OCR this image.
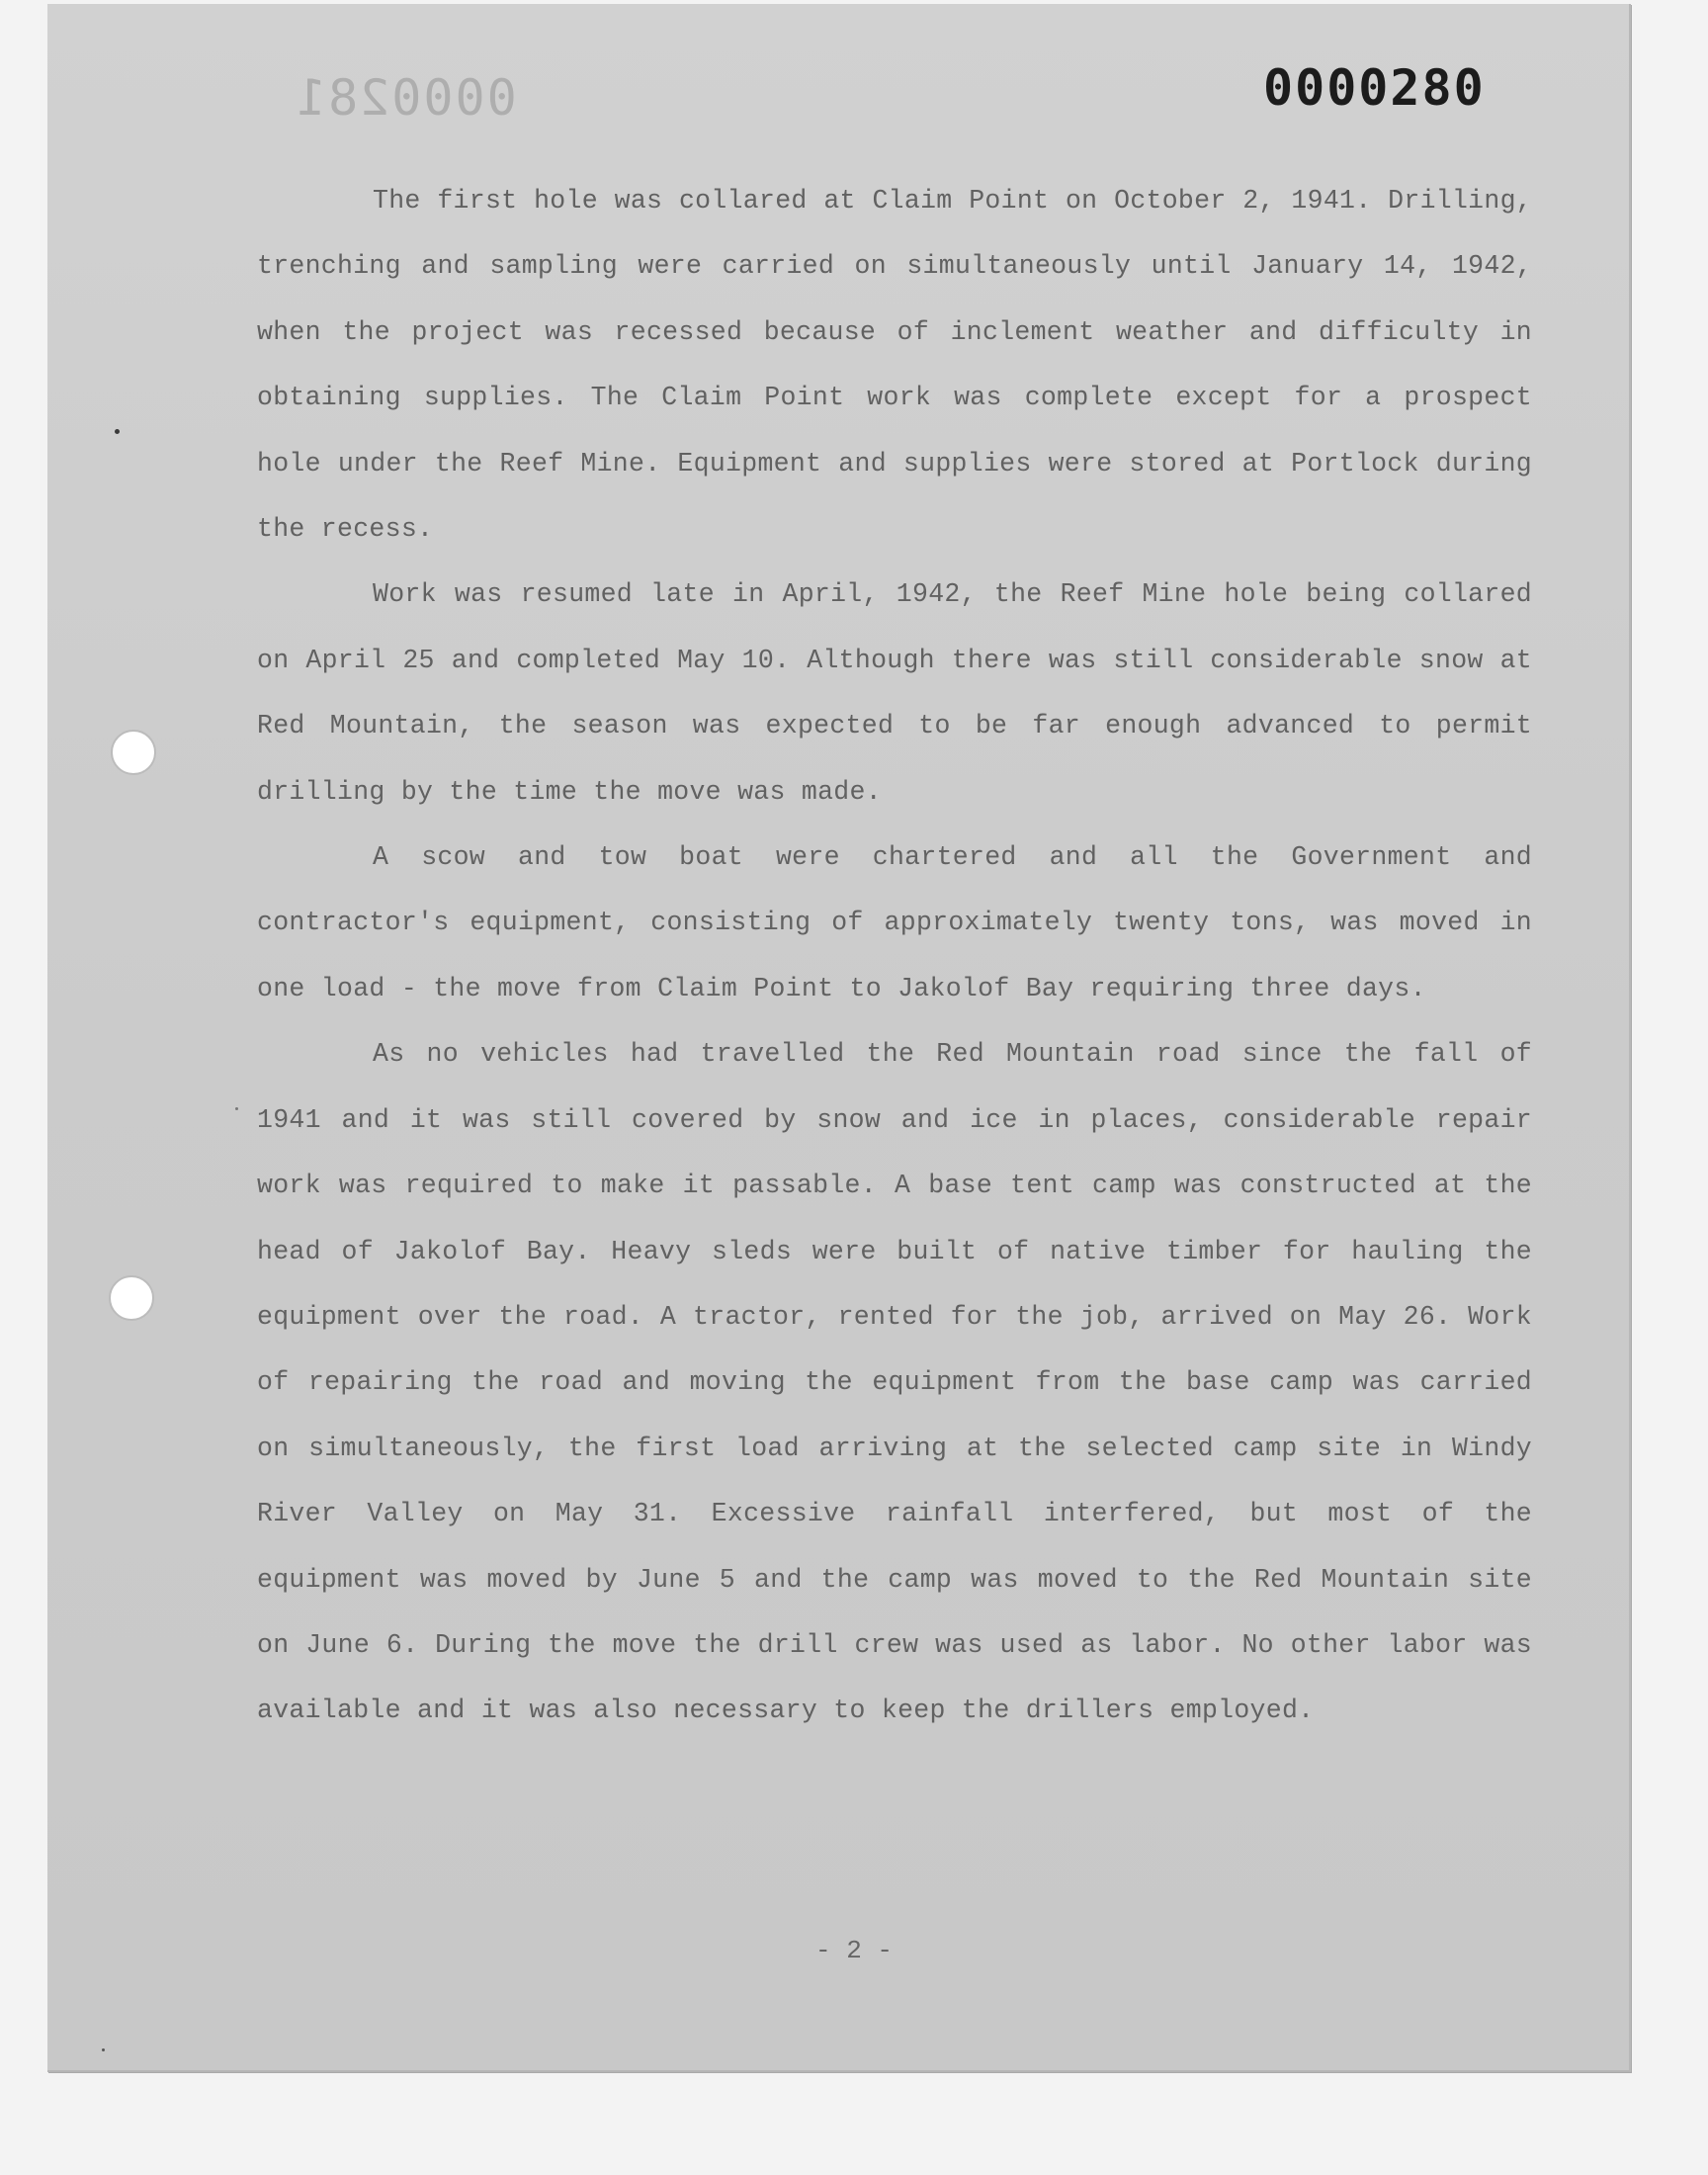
0000281	0000280

The first hole was collared at Claim Point on October 2, 1941. Drilling, trenching and sampling were carried on simultaneously until January 14, 1942, when the project was recessed because of inclement weather and difficulty in obtaining supplies. The Claim Point work was complete except for a prospect hole under the Reef Mine. Equipment and supplies were stored at Portlock during the recess.

Work was resumed late in April, 1942, the Reef Mine hole being collared on April 25 and completed May 10. Although there was still considerable snow at Red Mountain, the season was expected to be far enough advanced to permit drilling by the time the move was made.

A scow and tow boat were chartered and all the Government and contractor's equipment, consisting of approximately twenty tons, was moved in one load - the move from Claim Point to Jakolof Bay requiring three days.

As no vehicles had travelled the Red Mountain road since the fall of 1941 and it was still covered by snow and ice in places, considerable repair work was required to make it passable. A base tent camp was constructed at the head of Jakolof Bay. Heavy sleds were built of native timber for hauling the equipment over the road. A tractor, rented for the job, arrived on May 26. Work of repairing the road and moving the equipment from the base camp was carried on simultaneously, the first load arriving at the selected camp site in Windy River Valley on May 31. Excessive rainfall interfered, but most of the equipment was moved by June 5 and the camp was moved to the Red Mountain site on June 6. During the move the drill crew was used as labor. No other labor was available and it was also necessary to keep the drillers employed.

- 2 -
